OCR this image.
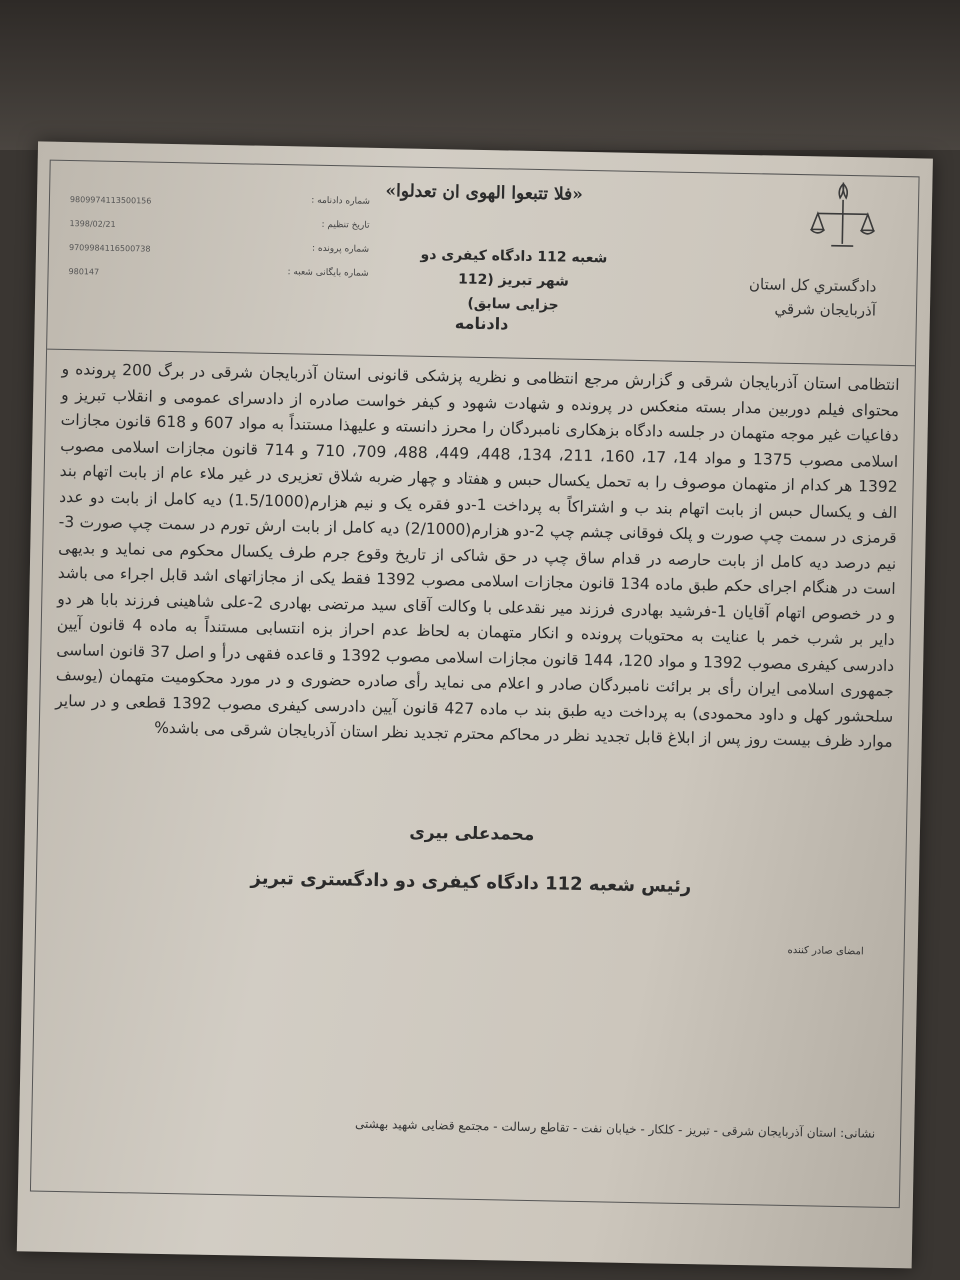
«فلا تتبعوا الهوی ان تعدلوا»
دادگستري کل استان
آذربايجان شرقي
شعبه 112 دادگاه کیفری دو شهر تبریز (112
جزایی سابق)
شماره دادنامه :
9809974113500156
تاريخ تنظيم :
1398/02/21
شماره پرونده :
9709984116500738
شماره بایگانی شعبه :
980147
دادنامه

انتظامی استان آذربایجان شرقی و گزارش مرجع انتظامی و نظریه پزشکی قانونی استان آذربایجان شرقی در برگ 200 پرونده و محتوای فیلم دوربین مدار بسته منعکس در پرونده و شهادت شهود و کیفر خواست صادره از دادسرای عمومی و انقلاب تبریز و دفاعیات غیر موجه متهمان در جلسه دادگاه بزهکاری نامبردگان را محرز دانسته و علیهذا مستنداً به مواد 607 و 618 قانون مجازات اسلامی مصوب 1375 و مواد 14، 17، 160، 211، 134، 448، 449، 488، 709، 710 و 714 قانون مجازات اسلامی مصوب 1392 هر کدام از متهمان موصوف را به تحمل یکسال حبس و هفتاد و چهار ضربه شلاق تعزیری در غیر ملاء عام از بابت اتهام بند الف و یکسال حبس از بابت اتهام بند ب و اشتراکاً به پرداخت 1-دو فقره یک و نیم هزارم(1.5/1000) دیه کامل از بابت دو عدد قرمزی در سمت چپ صورت و پلک فوقانی چشم چپ 2-دو هزارم(2/1000) دیه کامل از بابت ارش تورم در سمت چپ صورت 3-نیم درصد دیه کامل از بابت حارصه در قدام ساق چپ در حق شاکی از تاریخ وقوع جرم طرف یکسال محکوم می نماید و بدیهی است در هنگام اجرای حکم طبق ماده 134 قانون مجازات اسلامی مصوب 1392 فقط یکی از مجازاتهای اشد قابل اجراء می باشد و در خصوص اتهام آقایان 1-فرشید بهادری فرزند میر نقدعلی با وکالت آقای سید مرتضی بهادری 2-علی شاهینی فرزند بابا هر دو دایر بر شرب خمر با عنایت به محتویات پرونده و انکار متهمان به لحاظ عدم احراز بزه انتسابی مستنداً به ماده 4 قانون آیین دادرسی کیفری مصوب 1392 و مواد 120، 144 قانون مجازات اسلامی مصوب 1392 و قاعده فقهی درأ و اصل 37 قانون اساسی جمهوری اسلامی ایران رأی بر برائت نامبردگان صادر و اعلام می نماید رأی صادره حضوری و در مورد محکومیت متهمان (یوسف سلحشور کهل و داود محمودی) به پرداخت دیه طبق بند ب ماده 427 قانون آیین دادرسی کیفری مصوب 1392 قطعی و در سایر موارد ظرف بیست روز پس از ابلاغ قابل تجدید نظر در محاکم محترم تجدید نظر استان آذربایجان شرقی می باشد%

محمدعلی بیری
رئیس شعبه 112 دادگاه کیفری دو دادگستری تبریز
امضای صادر کننده
نشانی: استان آذربایجان شرقی - تبریز - کلکار - خیابان نفت - تقاطع رسالت - مجتمع قضایی شهید بهشتی
